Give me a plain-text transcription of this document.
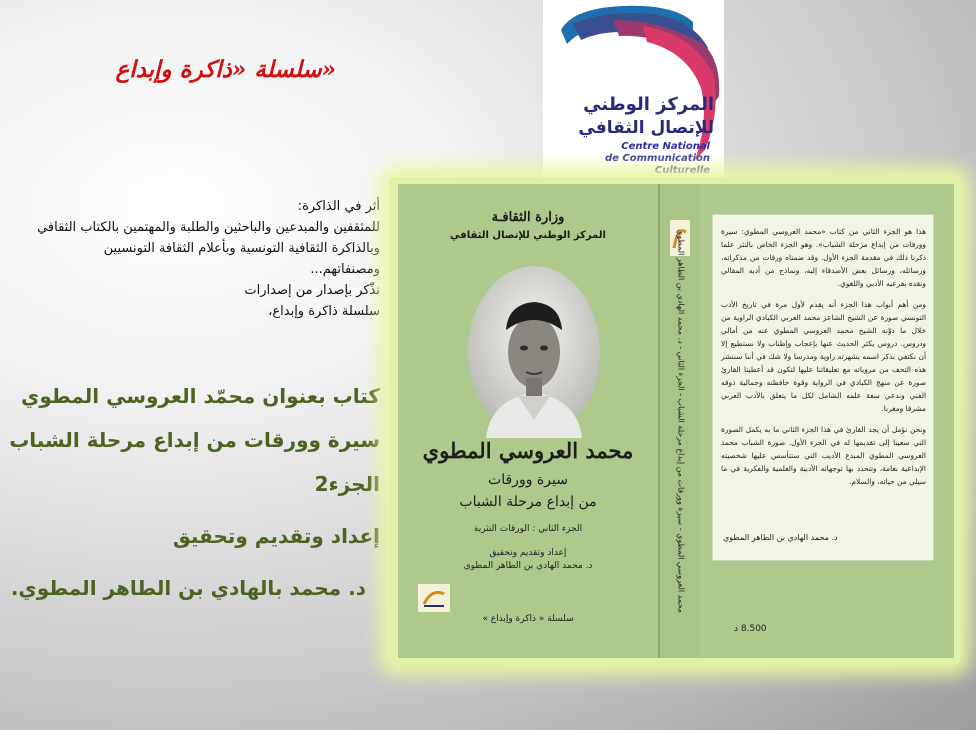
سلسلة «ذاكرة وإبداع»
المركز الوطني
للإتصال الثقافي
Centre National
de Communication
Culturelle
أثر في الذاكرة:
للمثقفين والمبدعين والباحثين والطلبة والمهتمين بالكتاب الثقافي
وبالذاكرة الثقافية التونسية وبأعلام الثقافة التونسيين
ومصنفاتهم...
نذّكر بإصدار من إصدارات
سلسلة ذاكرة وإبداع،
كتاب بعنوان محمّد العروسي المطوي
سيرة وورقات من إبداع مرحلة الشباب
الجزء2
إعداد وتقديم وتحقيق
د. محمد بالهادي بن الطاهر المطوي.
وزارة الثقافـة
المركز الوطني للإتصال الثقافي
محمد العروسي المطوي
سيرة وورقات
من إبداع مرحلة الشباب
الجزء الثاني : الورقات النثرية
إعداد وتقديم وتحقيق
د. محمد الهادي بن الطاهر المطوي
سلسلة « ذاكرة وإبداع »
محمد العروسي المطوي - سيرة وورقات من إبداع مرحلة الشباب - الجزء الثاني - د. محمد الهادي بن الطاهر المطوي	هذا هو الجزء الثاني من كتاب «محمد العروسي المطوي: سيرة وورقات من إبداع مرحلة الشباب». وهو الجزء الخاص بالنثر علما ذكرنا ذلك في مقدمة الجزء الأول. وقد ضمناه ورقات من مذكراته، ورسائله، ورسائل بعض الأصدقاء إليه، ونماذج من أدبه المقالي ونقده بفرعيه الأدبي واللغوي.

ومن أهم أبواب هذا الجزء أنه يقدم لأول مرة في تاريخ الأدب التونسي صورة عن الشيخ الشاعر محمد العربي الكبادي الراوية من خلال ما دوّنه الشيخ محمد العروسي المطوي عنه من أمالي ودروس. دروس يكثر الحديث عنها بإعجاب وإطناب ولا نستطيع إلا أن نكتفي بذكر اسمه بشهرته راوية ومدرسا ولا شك في أننا سننشر هذه التحف من مروياته مع تعليقاتنا عليها لتكون قد أعطينا القارئ صورة عن منهج الكبادي في الرواية وقوة حافظته وجمالية ذوقه الفني وندعي سعة علمه الشامل لكل ما يتعلق بالأدب العربي مشرقا ومغربا.

ونحن نؤمل أن يجد القارئ في هذا الجزء الثاني ما به يكمل الصورة التي سعينا إلى تقديمها له في الجزء الأول. صورة الشباب محمد العروسي المطوي المبدع الأديب التي ستتأسس عليها شخصيته الإبداعية بعامة، وتتحدد بها توجهاته الأدبية والعلمية والفكرية في ما سيلي من حياته، والسلام.

د. محمد الهادي بن الطاهر المطوي
8.500 د
